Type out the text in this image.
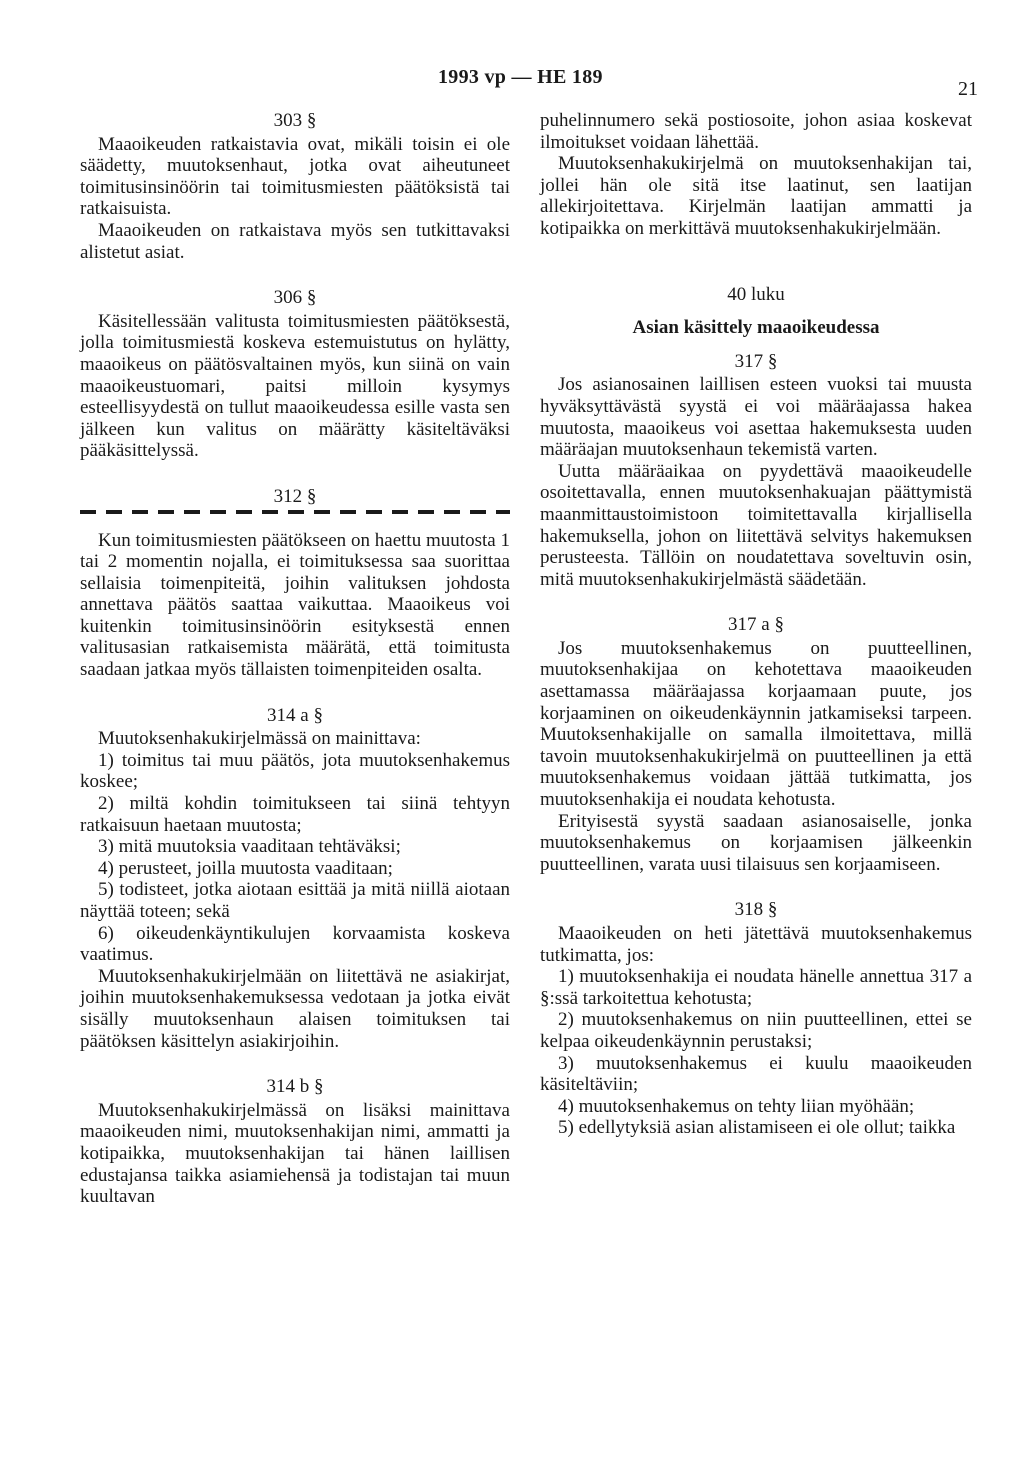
1993 vp — HE 189
21
303 §

Maaoikeuden ratkaistavia ovat, mikäli toisin ei ole säädetty, muutoksenhaut, jotka ovat aiheutuneet toimitusinsinöörin tai toimitusmiesten päätöksistä tai ratkaisuista.

Maaoikeuden on ratkaistava myös sen tutkittavaksi alistetut asiat.

306 §

Käsitellessään valitusta toimitusmiesten päätöksestä, jolla toimitusmiestä koskeva estemuistutus on hylätty, maaoikeus on päätösvaltainen myös, kun siinä on vain maaoikeustuomari, paitsi milloin kysymys esteellisyydestä on tullut maaoikeudessa esille vasta sen jälkeen kun valitus on määrätty käsiteltäväksi pääkäsittelyssä.

312 §

Kun toimitusmiesten päätökseen on haettu muutosta 1 tai 2 momentin nojalla, ei toimituksessa saa suorittaa sellaisia toimenpiteitä, joihin valituksen johdosta annettava päätös saattaa vaikuttaa. Maaoikeus voi kuitenkin toimitusinsinöörin esityksestä ennen valitusasian ratkaisemista määrätä, että toimitusta saadaan jatkaa myös tällaisten toimenpiteiden osalta.

314 a §

Muutoksenhakukirjelmässä on mainittava:

1) toimitus tai muu päätös, jota muutoksenhakemus koskee;

2) miltä kohdin toimitukseen tai siinä tehtyyn ratkaisuun haetaan muutosta;

3) mitä muutoksia vaaditaan tehtäväksi;

4) perusteet, joilla muutosta vaaditaan;

5) todisteet, jotka aiotaan esittää ja mitä niillä aiotaan näyttää toteen; sekä

6) oikeudenkäyntikulujen korvaamista koskeva vaatimus.

Muutoksenhakukirjelmään on liitettävä ne asiakirjat, joihin muutoksenhakemuksessa vedotaan ja jotka eivät sisälly muutoksenhaun alaisen toimituksen tai päätöksen käsittelyn asiakirjoihin.

314 b §

Muutoksenhakukirjelmässä on lisäksi mainittava maaoikeuden nimi, muutoksenhakijan nimi, ammatti ja kotipaikka, muutoksenhakijan tai hänen laillisen edustajansa taikka asiamiehensä ja todistajan tai muun kuultavan

puhelinnumero sekä postiosoite, johon asiaa koskevat ilmoitukset voidaan lähettää.

Muutoksenhakukirjelmä on muutoksenhakijan tai, jollei hän ole sitä itse laatinut, sen laatijan allekirjoitettava. Kirjelmän laatijan ammatti ja kotipaikka on merkittävä muutoksenhakukirjelmään.

40 luku
Asian käsittely maaoikeudessa
317 §

Jos asianosainen laillisen esteen vuoksi tai muusta hyväksyttävästä syystä ei voi määräajassa hakea muutosta, maaoikeus voi asettaa hakemuksesta uuden määräajan muutoksenhaun tekemistä varten.

Uutta määräaikaa on pyydettävä maaoikeudelle osoitettavalla, ennen muutoksenhakuajan päättymistä maanmittaustoimistoon toimitettavalla kirjallisella hakemuksella, johon on liitettävä selvitys hakemuksen perusteesta. Tällöin on noudatettava soveltuvin osin, mitä muutoksenhakukirjelmästä säädetään.

317 a §

Jos muutoksenhakemus on puutteellinen, muutoksenhakijaa on kehotettava maaoikeuden asettamassa määräajassa korjaamaan puute, jos korjaaminen on oikeudenkäynnin jatkamiseksi tarpeen. Muutoksenhakijalle on samalla ilmoitettava, millä tavoin muutoksenhakukirjelmä on puutteellinen ja että muutoksenhakemus voidaan jättää tutkimatta, jos muutoksenhakija ei noudata kehotusta.

Erityisestä syystä saadaan asianosaiselle, jonka muutoksenhakemus on korjaamisen jälkeenkin puutteellinen, varata uusi tilaisuus sen korjaamiseen.

318 §

Maaoikeuden on heti jätettävä muutoksenhakemus tutkimatta, jos:

1) muutoksenhakija ei noudata hänelle annettua 317 a §:ssä tarkoitettua kehotusta;

2) muutoksenhakemus on niin puutteellinen, ettei se kelpaa oikeudenkäynnin perustaksi;

3) muutoksenhakemus ei kuulu maaoikeuden käsiteltäviin;

4) muutoksenhakemus on tehty liian myöhään;

5) edellytyksiä asian alistamiseen ei ole ollut; taikka
